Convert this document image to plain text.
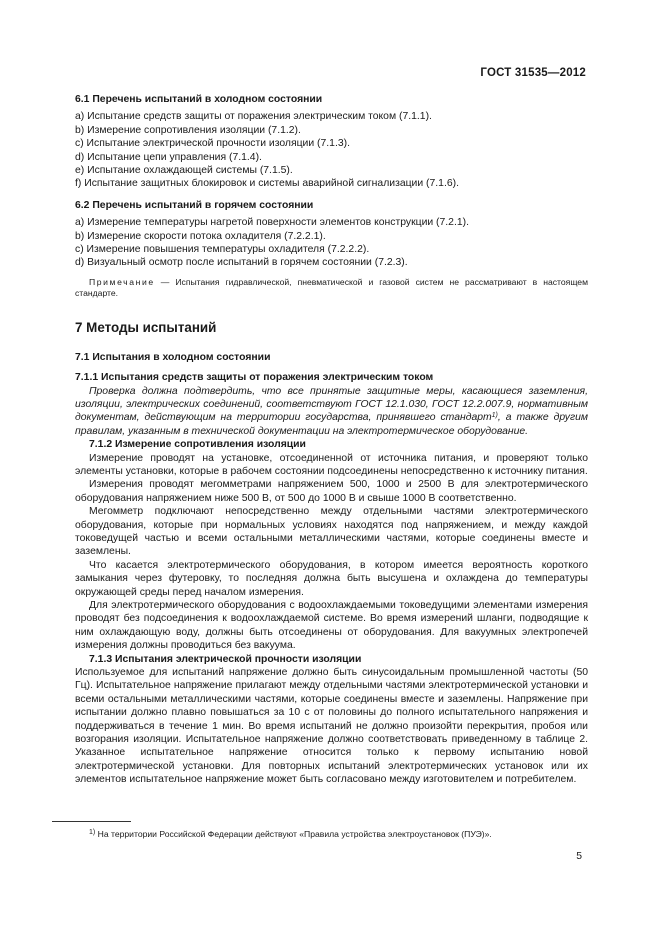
ГОСТ 31535—2012

6.1 Перечень испытаний в холодном состоянии

а) Испытание средств защиты от поражения электрическим током (7.1.1).

b) Измерение сопротивления изоляции (7.1.2).

c) Испытание электрической прочности изоляции (7.1.3).

d) Испытание цепи управления (7.1.4).

e) Испытание охлаждающей системы (7.1.5).

f) Испытание защитных блокировок и системы аварийной сигнализации (7.1.6).

6.2 Перечень испытаний в горячем состоянии

а) Измерение температуры нагретой поверхности элементов конструкции (7.2.1).

b) Измерение скорости потока охладителя (7.2.2.1).

c) Измерение повышения температуры охладителя (7.2.2.2).

d) Визуальный осмотр после испытаний в горячем состоянии (7.2.3).

Примечание — Испытания гидравлической, пневматической и газовой систем не рассматривают в настоящем стандарте.

7 Методы испытаний

7.1 Испытания в холодном состоянии

7.1.1 Испытания средств защиты от поражения электрическим током

Проверка должна подтвердить, что все принятые защитные меры, касающиеся заземления, изоляции, электрических соединений, соответствуют ГОСТ 12.1.030, ГОСТ 12.2.007.9, нормативным документам, действующим на территории государства, принявшего стандарт$^{1)}$, а также другим правилам, указанным в технической документации на электротермическое оборудование.

7.1.2 Измерение сопротивления изоляции

Измерение проводят на установке, отсоединенной от источника питания, и проверяют только элементы установки, которые в рабочем состоянии подсоединены непосредственно к источнику питания.

Измерения проводят мегомметрами напряжением 500, 1000 и 2500 В для электротермического оборудования напряжением ниже 500 В, от 500 до 1000 В и свыше 1000 В соответственно.

Мегомметр подключают непосредственно между отдельными частями электротермического оборудования, которые при нормальных условиях находятся под напряжением, и между каждой токоведущей частью и всеми остальными металлическими частями, которые соединены вместе и заземлены.

Что касается электротермического оборудования, в котором имеется вероятность короткого замыкания через футеровку, то последняя должна быть высушена и охлаждена до температуры окружающей среды перед началом измерения.

Для электротермического оборудования с водоохлаждаемыми токоведущими элементами измерения проводят без подсоединения к водоохлаждаемой системе. Во время измерений шланги, подводящие к ним охлаждающую воду, должны быть отсоединены от оборудования. Для вакуумных электропечей измерения должны проводиться без вакуума.

7.1.3 Испытания электрической прочности изоляции

Используемое для испытаний напряжение должно быть синусоидальным промышленной частоты (50 Гц). Испытательное напряжение прилагают между отдельными частями электротермической установки и всеми остальными металлическими частями, которые соединены вместе и заземлены. Напряжение при испытании должно плавно повышаться за 10 с от половины до полного испытательного напряжения и поддерживаться в течение 1 мин. Во время испытаний не должно произойти перекрытия, пробоя или возгорания изоляции. Испытательное напряжение должно соответствовать приведенному в таблице 2. Указанное испытательное напряжение относится только к первому испытанию новой электротермической установки. Для повторных испытаний электротермических установок или их элементов испытательное напряжение может быть согласовано между изготовителем и потребителем.

$^{1)}$ На территории Российской Федерации действуют «Правила устройства электроустановок (ПУЭ)».
5
